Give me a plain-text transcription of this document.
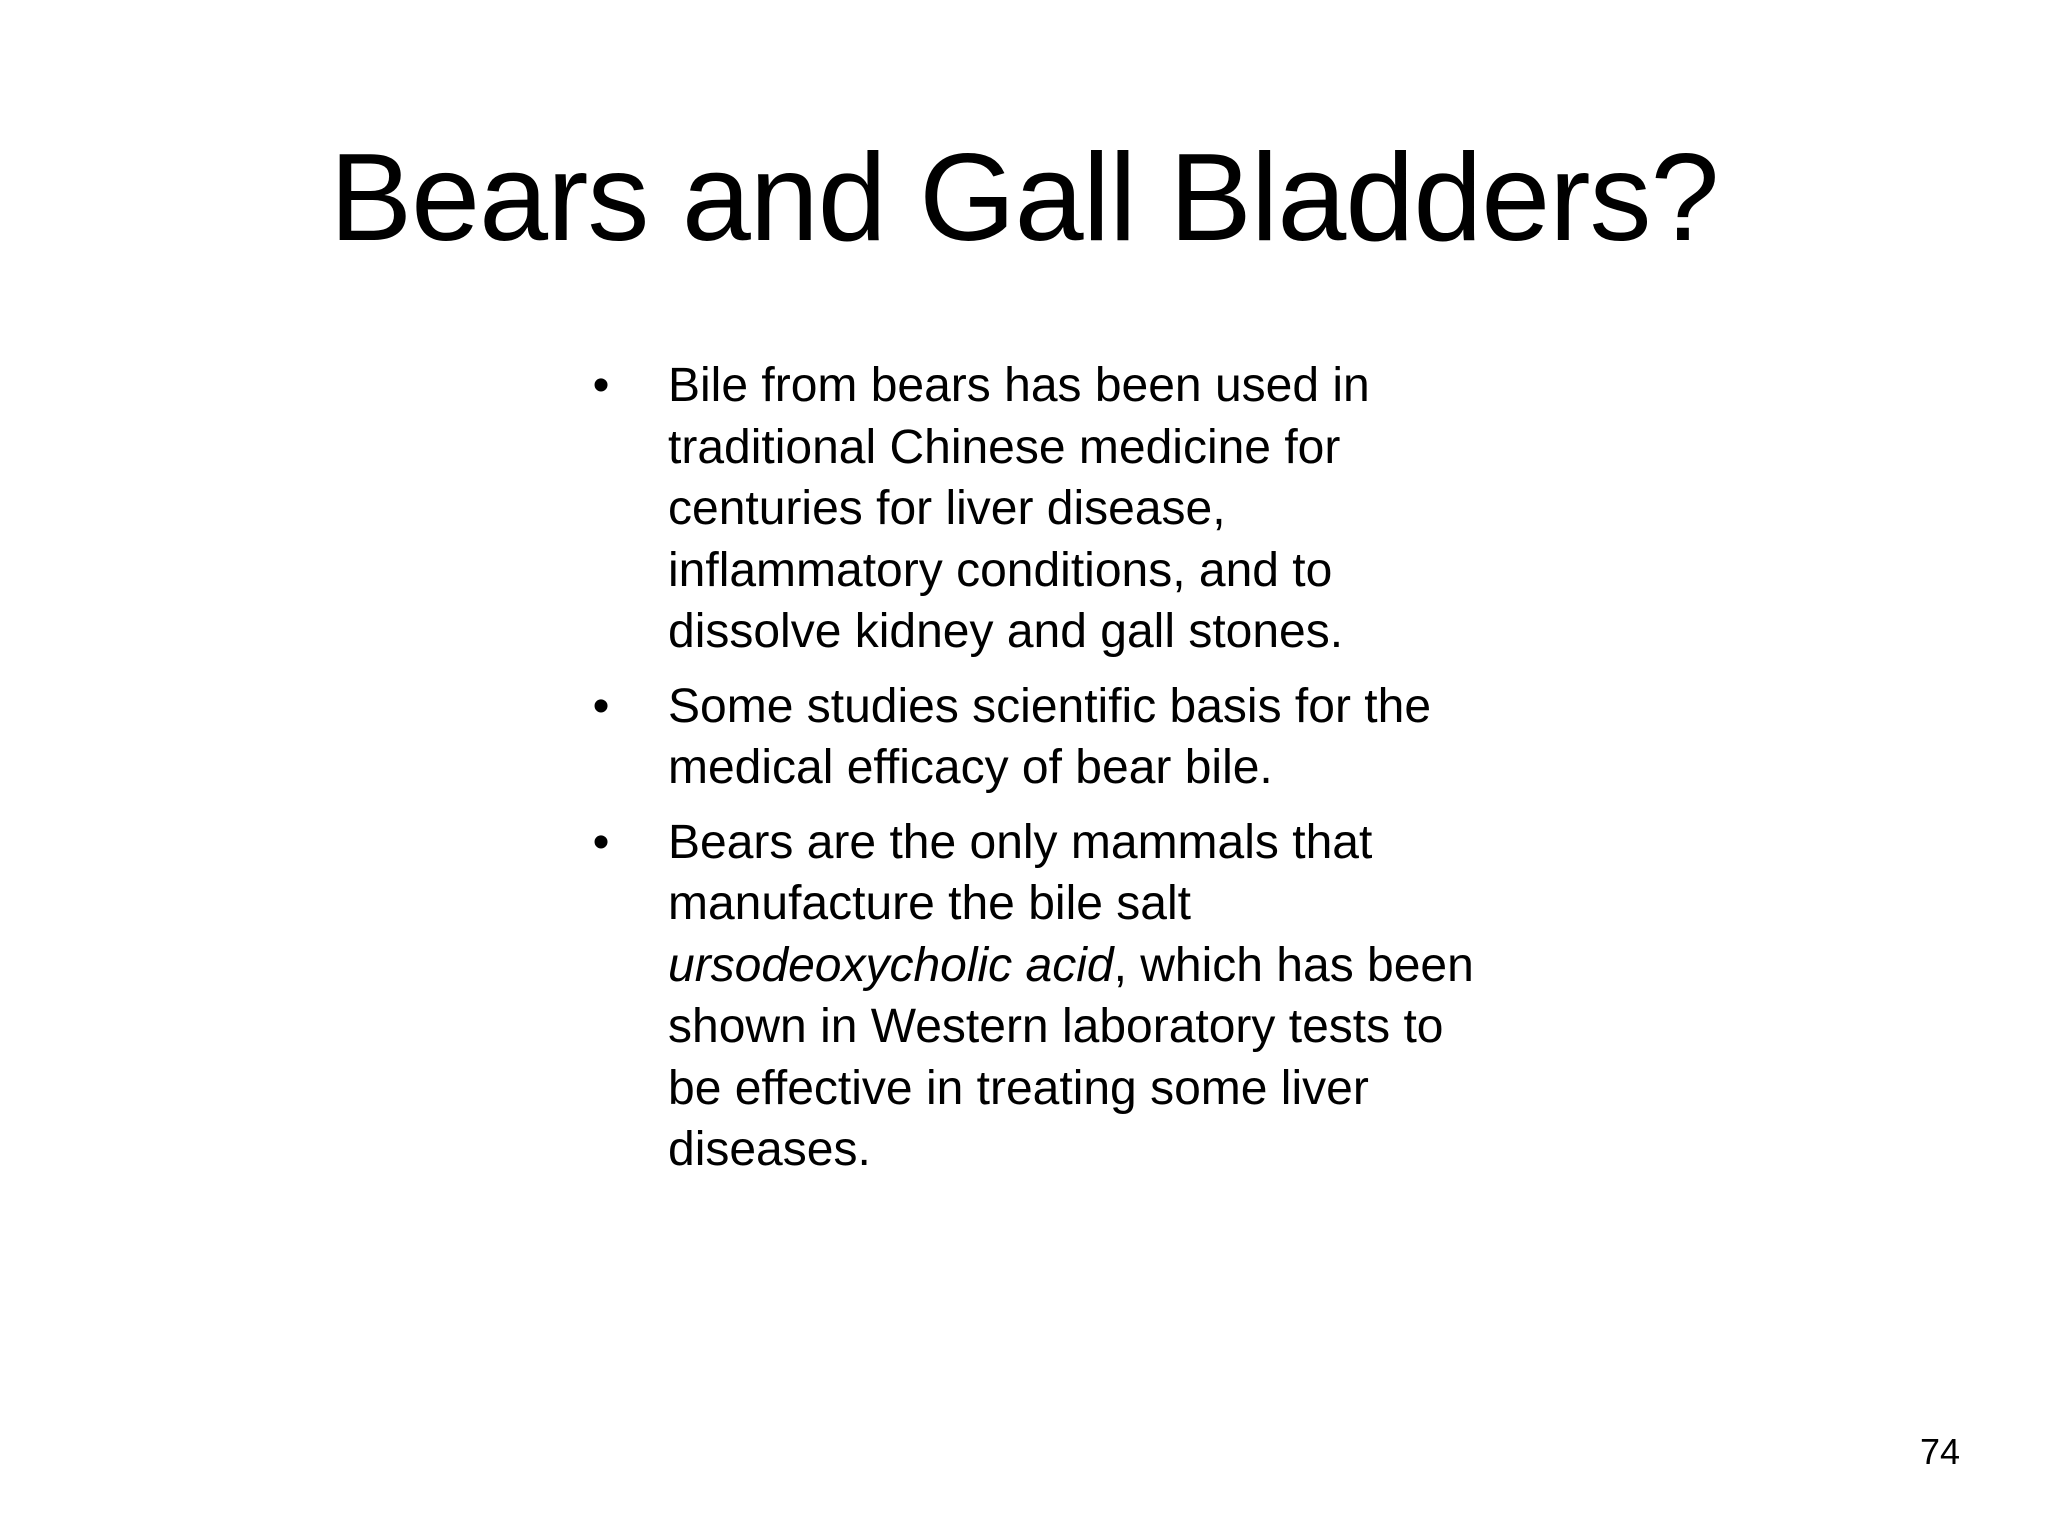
Bears and Gall Bladders?
• Bile from bears has been used in traditional Chinese medicine for centuries for liver disease, inflammatory conditions, and to dissolve kidney and gall stones.
• Some studies scientific basis for the medical efficacy of bear bile.
• Bears are the only mammals that manufacture the bile salt ursodeoxycholic acid, which has been shown in Western laboratory tests to be effective in treating some liver diseases.
74
